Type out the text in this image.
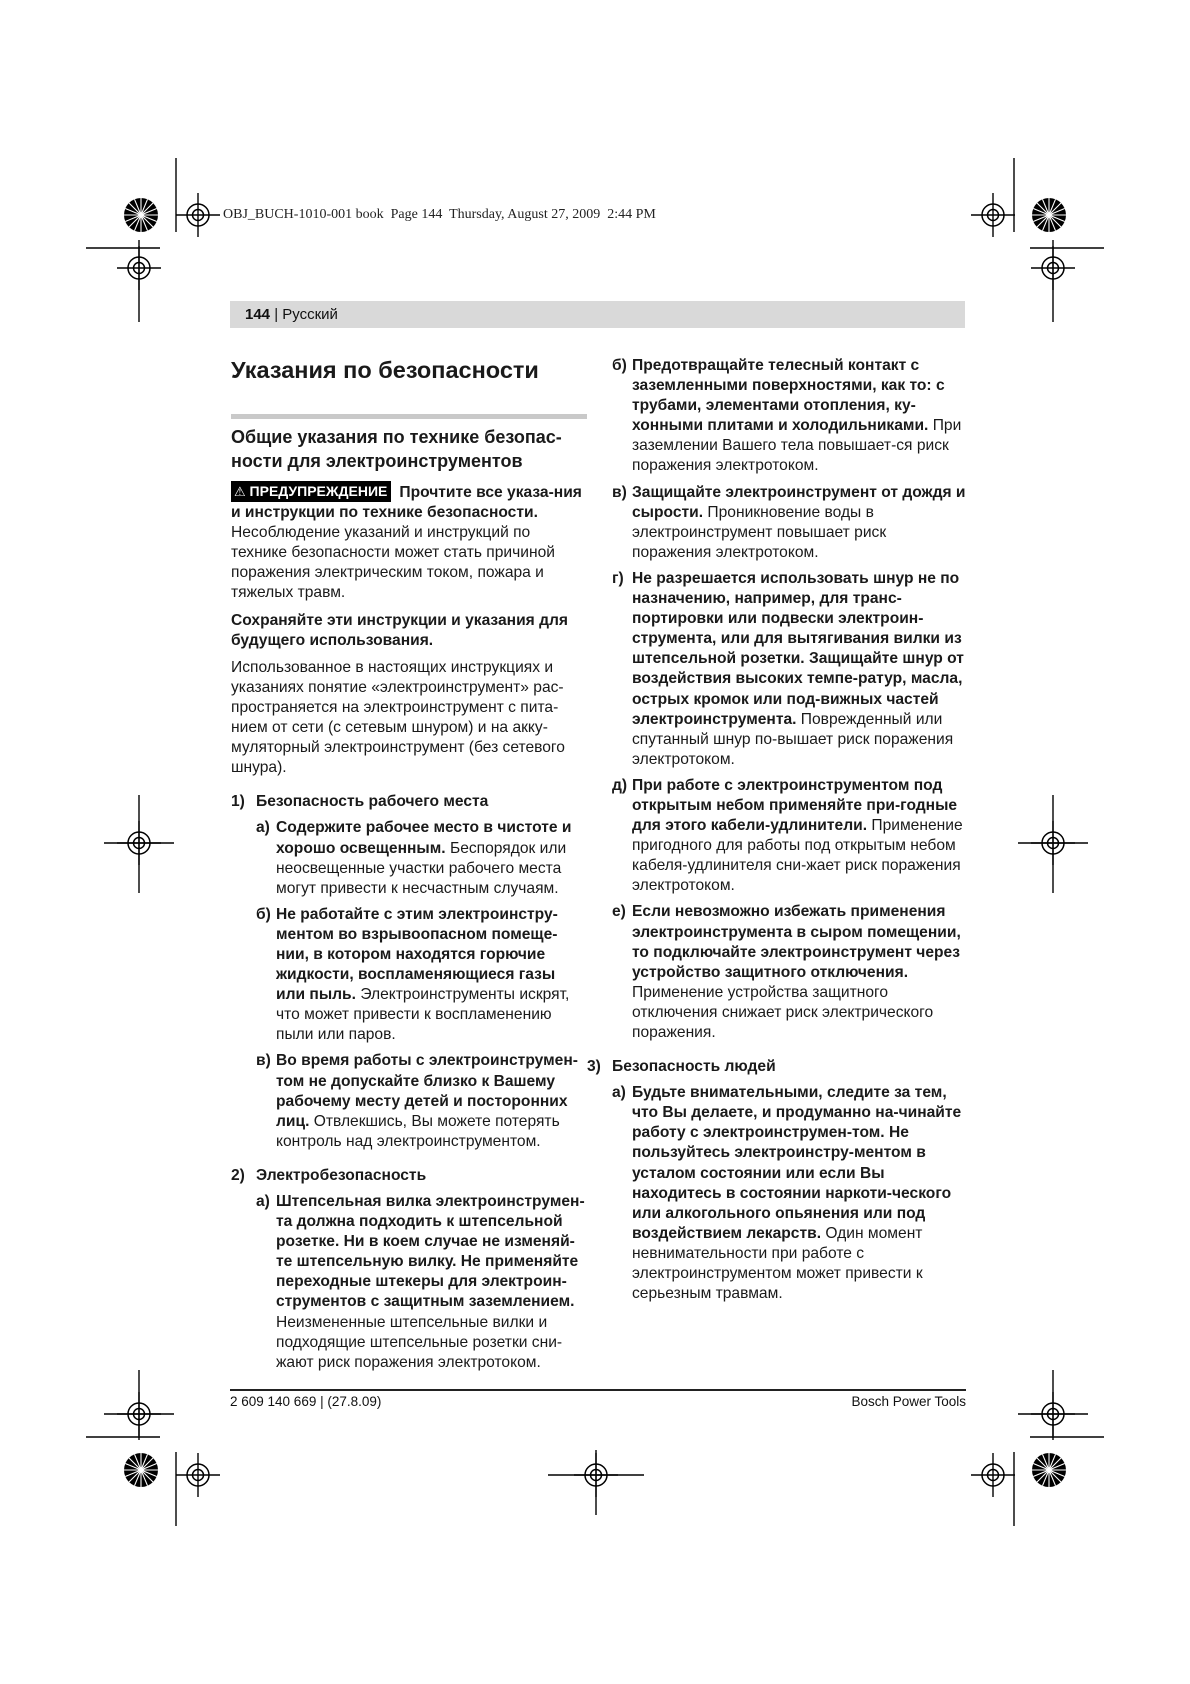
OBJ_BUCH-1010-001 book  Page 144  Thursday, August 27, 2009  2:44 PM
144 | Русский
Указания по безопасности
Общие указания по технике безопас-ности для электроинструментов

⚠ ПРЕДУПРЕЖДЕНИЕ Прочтите все указа-ния и инструкции по технике безопасности. Несоблюдение указаний и инструкций по технике безопасности может стать причиной поражения электрическим током, пожара и тяжелых травм.

Сохраняйте эти инструкции и указания для будущего использования.

Использованное в настоящих инструкциях и указаниях понятие «электроинструмент» рас-пространяется на электроинструмент с пита-нием от сети (с сетевым шнуром) и на акку-муляторный электроинструмент (без сетевого шнура).

1) Безопасность рабочего места
а) Содержите рабочее место в чистоте и хорошо освещенным. Беспорядок или неосвещенные участки рабочего места могут привести к несчастным случаям.
б) Не работайте с этим электроинстру-ментом во взрывоопасном помеще-нии, в котором находятся горючие жидкости, воспламеняющиеся газы или пыль. Электроинструменты искрят, что может привести к воспламенению пыли или паров.
в) Во время работы с электроинструмен-том не допускайте близко к Вашему рабочему месту детей и посторонних лиц. Отвлекшись, Вы можете потерять контроль над электроинструментом.
2) Электробезопасность
а) Штепсельная вилка электроинструмен-та должна подходить к штепсельной розетке. Ни в коем случае не изменяй-те штепсельную вилку. Не применяйте переходные штекеры для электроин-струментов с защитным заземлением. Неизмененные штепсельные вилки и подходящие штепсельные розетки сни-жают риск поражения электротоком.
б) Предотвращайте телесный контакт с заземленными поверхностями, как то: с трубами, элементами отопления, ку-хонными плитами и холодильниками. При заземлении Вашего тела повышает-ся риск поражения электротоком.
в) Защищайте электроинструмент от дождя и сырости. Проникновение воды в электроинструмент повышает риск поражения электротоком.
г) Не разрешается использовать шнур не по назначению, например, для транс-портировки или подвески электроин-струмента, или для вытягивания вилки из штепсельной розетки. Защищайте шнур от воздействия высоких темпе-ратур, масла, острых кромок или под-вижных частей электроинструмента. Поврежденный или спутанный шнур по-вышает риск поражения электротоком.
д) При работе с электроинструментом под открытым небом применяйте при-годные для этого кабели-удлинители. Применение пригодного для работы под открытым небом кабеля-удлинителя сни-жает риск поражения электротоком.
е) Если невозможно избежать применения электроинструмента в сыром помещении, то подключайте электроинструмент через устройство защитного отключения. Применение устройства защитного отключения снижает риск электрического поражения.
3) Безопасность людей
а) Будьте внимательными, следите за тем, что Вы делаете, и продуманно на-чинайте работу с электроинструмен-том. Не пользуйтесь электроинстру-ментом в усталом состоянии или если Вы находитесь в состоянии наркоти-ческого или алкогольного опьянения или под воздействием лекарств. Один момент невнимательности при работе с электроинструментом может привести к серьезным травмам.
2 609 140 669 | (27.8.09)	Bosch Power Tools
